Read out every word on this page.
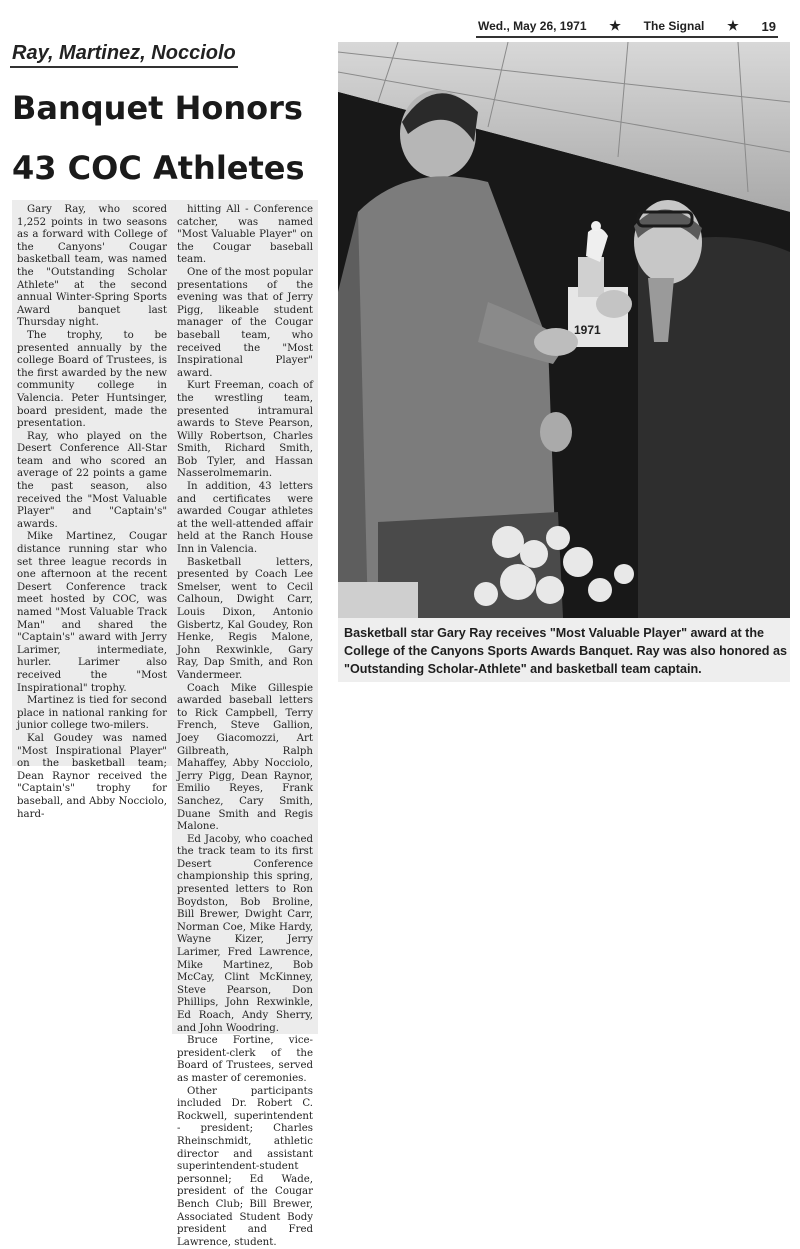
Wed., May 26, 1971 ★ The Signal ★ 19
Ray, Martinez, Nocciolo
Banquet Honors
43 COC Athletes

Gary Ray, who scored 1,252 points in two seasons as a forward with College of the Canyons' Cougar basketball team, was named the "Outstanding Scholar Athlete" at the second annual Winter-Spring Sports Award banquet last Thursday night.

The trophy, to be presented annually by the college Board of Trustees, is the first awarded by the new community college in Valencia. Peter Huntsinger, board president, made the presentation.

Ray, who played on the Desert Conference All-Star team and who scored an average of 22 points a game the past season, also received the "Most Valuable Player" and "Captain's" awards.

Mike Martinez, Cougar distance running star who set three league records in one afternoon at the recent Desert Conference track meet hosted by COC, was named "Most Valuable Track Man" and shared the "Captain's" award with Jerry Larimer, intermediate, hurler. Larimer also received the "Most Inspirational" trophy.

Martinez is tied for second place in national ranking for junior college two-milers.

Kal Goudey was named "Most Inspirational Player" on the basketball team; Dean Raynor received the "Captain's" trophy for baseball, and Abby Nocciolo, hard-

hitting All - Conference catcher, was named "Most Valuable Player" on the Cougar baseball team.

One of the most popular presentations of the evening was that of Jerry Pigg, likeable student manager of the Cougar baseball team, who received the "Most Inspirational Player" award.

Kurt Freeman, coach of the wrestling team, presented intramural awards to Steve Pearson, Willy Robertson, Charles Smith, Richard Smith, Bob Tyler, and Hassan Nasserolmemarin.

In addition, 43 letters and certificates were awarded Cougar athletes at the well-attended affair held at the Ranch House Inn in Valencia.

Basketball letters, presented by Coach Lee Smelser, went to Cecil Calhoun, Dwight Carr, Louis Dixon, Antonio Gisbertz, Kal Goudey, Ron Henke, Regis Malone, John Rexwinkle, Gary Ray, Dap Smith, and Ron Vandermeer.

Coach Mike Gillespie awarded baseball letters to Rick Campbell, Terry French, Steve Gallion, Joey Giacomozzi, Art Gilbreath, Ralph Mahaffey, Abby Nocciolo, Jerry Pigg, Dean Raynor, Emilio Reyes, Frank Sanchez, Cary Smith, Duane Smith and Regis Malone.

Ed Jacoby, who coached the track team to its first Desert Conference championship this spring, presented letters to Ron Boydston, Bob Broline, Bill Brewer, Dwight Carr, Norman Coe, Mike Hardy, Wayne Kizer, Jerry Larimer, Fred Lawrence, Mike Martinez, Bob McCay, Clint McKinney, Steve Pearson, Don Phillips, John Rexwinkle, Ed Roach, Andy Sherry, and John Woodring.

Bruce Fortine, vice-president-clerk of the Board of Trustees, served as master of ceremonies.

Other participants included Dr. Robert C. Rockwell, superintendent - president; Charles Rheinschmidt, athletic director and assistant superintendent-student personnel; Ed Wade, president of the Cougar Bench Club; Bill Brewer, Associated Student Body president and Fred Lawrence, student.

1971
Basketball star Gary Ray receives "Most Valuable Player" award at the College of the Canyons Sports Awards Banquet. Ray was also honored as "Outstanding Scholar-Athlete" and basketball team captain.
